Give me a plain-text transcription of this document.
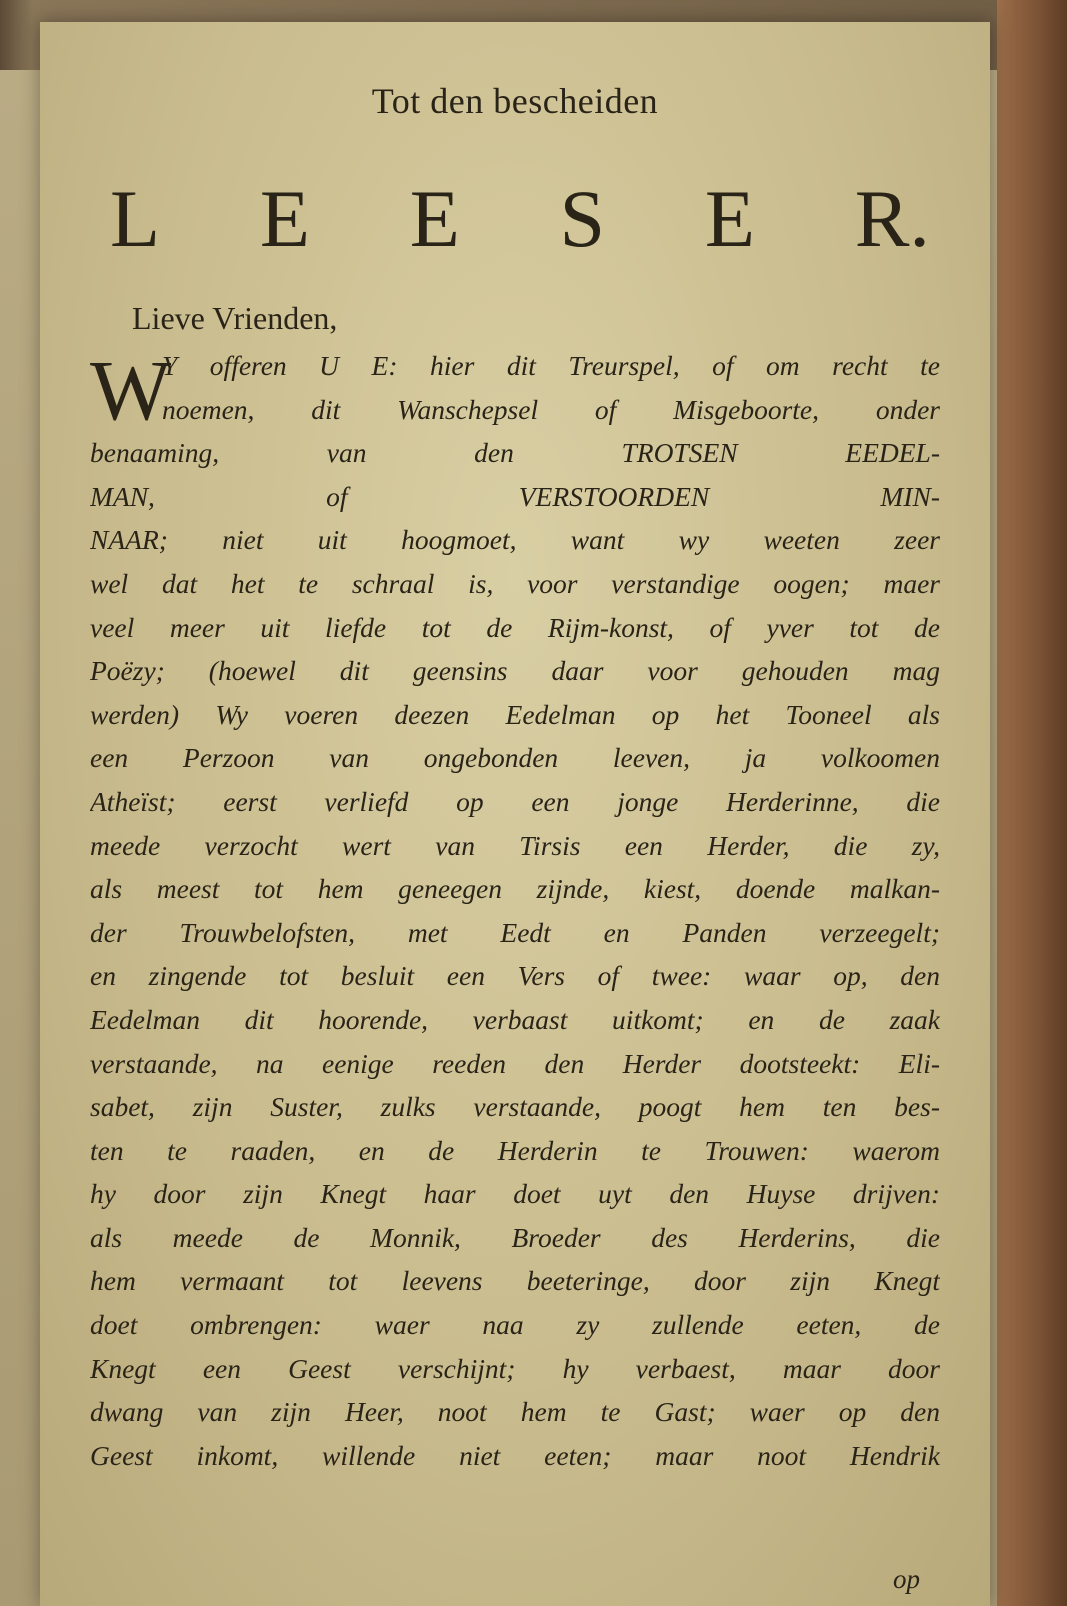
Tot den bescheiden
L E E S E R.
Lieve Vrienden,
W
Y offeren U E: hier dit Treurspel, of om recht te
noemen, dit Wanschepsel of Misgeboorte, onder
benaaming, van den TROTSEN EEDEL-
MAN, of VERSTOORDEN MIN-
NAAR; niet uit hoogmoet, want wy weeten zeer
wel dat het te schraal is, voor verstandige oogen; maer
veel meer uit liefde tot de Rijm-konst, of yver tot de
Poëzy; (hoewel dit geensins daar voor gehouden mag
werden) Wy voeren deezen Eedelman op het Tooneel als
een Perzoon van ongebonden leeven, ja volkoomen
Atheïst; eerst verliefd op een jonge Herderinne, die
meede verzocht wert van Tirsis een Herder, die zy,
als meest tot hem geneegen zijnde, kiest, doende malkan-
der Trouwbelofsten, met Eedt en Panden verzeegelt;
en zingende tot besluit een Vers of twee: waar op, den
Eedelman dit hoorende, verbaast uitkomt; en de zaak
verstaande, na eenige reeden den Herder dootsteekt: Eli-
sabet, zijn Suster, zulks verstaande, poogt hem ten bes-
ten te raaden, en de Herderin te Trouwen: waerom
hy door zijn Knegt haar doet uyt den Huyse drijven:
als meede de Monnik, Broeder des Herderins, die
hem vermaant tot leevens beeteringe, door zijn Knegt
doet ombrengen: waer naa zy zullende eeten, de
Knegt een Geest verschijnt; hy verbaest, maar door
dwang van zijn Heer, noot hem te Gast; waer op den
Geest inkomt, willende niet eeten; maar noot Hendrik
op
